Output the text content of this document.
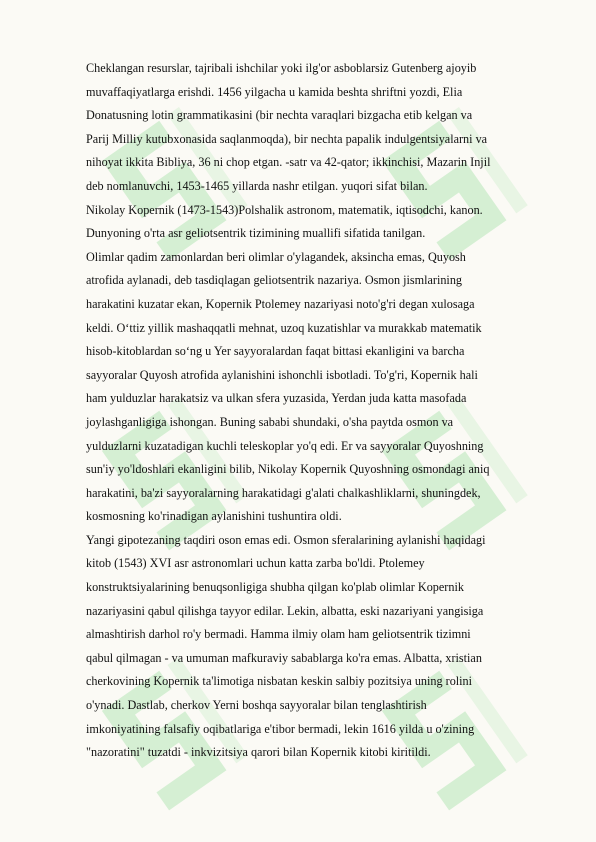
Cheklangan resurslar, tajribali ishchilar yoki ilg'or asboblarsiz Gutenberg ajoyib
muvaffaqiyatlarga erishdi. 1456 yilgacha u kamida beshta shriftni yozdi, Elia
Donatusning lotin grammatikasini (bir nechta varaqlari bizgacha etib kelgan va
Parij Milliy kutubxonasida saqlanmoqda), bir nechta papalik indulgentsiyalarni va
nihoyat ikkita Bibliya, 36 ni chop etgan. -satr va 42-qator; ikkinchisi, Mazarin Injil
deb nomlanuvchi, 1453-1465 yillarda nashr etilgan. yuqori sifat bilan.

Nikolay Kopernik (1473-1543)Polshalik astronom, matematik, iqtisodchi, kanon.
Dunyoning o'rta asr geliotsentrik tizimining muallifi sifatida tanilgan.

Olimlar qadim zamonlardan beri olimlar o'ylagandek, aksincha emas, Quyosh
atrofida aylanadi, deb tasdiqlagan geliotsentrik nazariya. Osmon jismlarining
harakatini kuzatar ekan, Kopernik Ptolemey nazariyasi noto'g'ri degan xulosaga
keldi. O‘ttiz yillik mashaqqatli mehnat, uzoq kuzatishlar va murakkab matematik
hisob-kitoblardan so‘ng u Yer sayyoralardan faqat bittasi ekanligini va barcha
sayyoralar Quyosh atrofida aylanishini ishonchli isbotladi. To'g'ri, Kopernik hali
ham yulduzlar harakatsiz va ulkan sfera yuzasida, Yerdan juda katta masofada
joylashganligiga ishongan. Buning sababi shundaki, o'sha paytda osmon va
yulduzlarni kuzatadigan kuchli teleskoplar yo'q edi. Er va sayyoralar Quyoshning
sun'iy yo'ldoshlari ekanligini bilib, Nikolay Kopernik Quyoshning osmondagi aniq
harakatini, ba'zi sayyoralarning harakatidagi g'alati chalkashliklarni, shuningdek,
kosmosning ko'rinadigan aylanishini tushuntira oldi.

Yangi gipotezaning taqdiri oson emas edi. Osmon sferalarining aylanishi haqidagi
kitob (1543) XVI asr astronomlari uchun katta zarba bo'ldi. Ptolemey
konstruktsiyalarining benuqsonligiga shubha qilgan ko'plab olimlar Kopernik
nazariyasini qabul qilishga tayyor edilar. Lekin, albatta, eski nazariyani yangisiga
almashtirish darhol ro'y bermadi. Hamma ilmiy olam ham geliotsentrik tizimni
qabul qilmagan - va umuman mafkuraviy sabablarga ko'ra emas. Albatta, xristian
cherkovining Kopernik ta'limotiga nisbatan keskin salbiy pozitsiya uning rolini
o'ynadi. Dastlab, cherkov Yerni boshqa sayyoralar bilan tenglashtirish
imkoniyatining falsafiy oqibatlariga e'tibor bermadi, lekin 1616 yilda u o'zining
"nazoratini" tuzatdi - inkvizitsiya qarori bilan Kopernik kitobi kiritildi.
